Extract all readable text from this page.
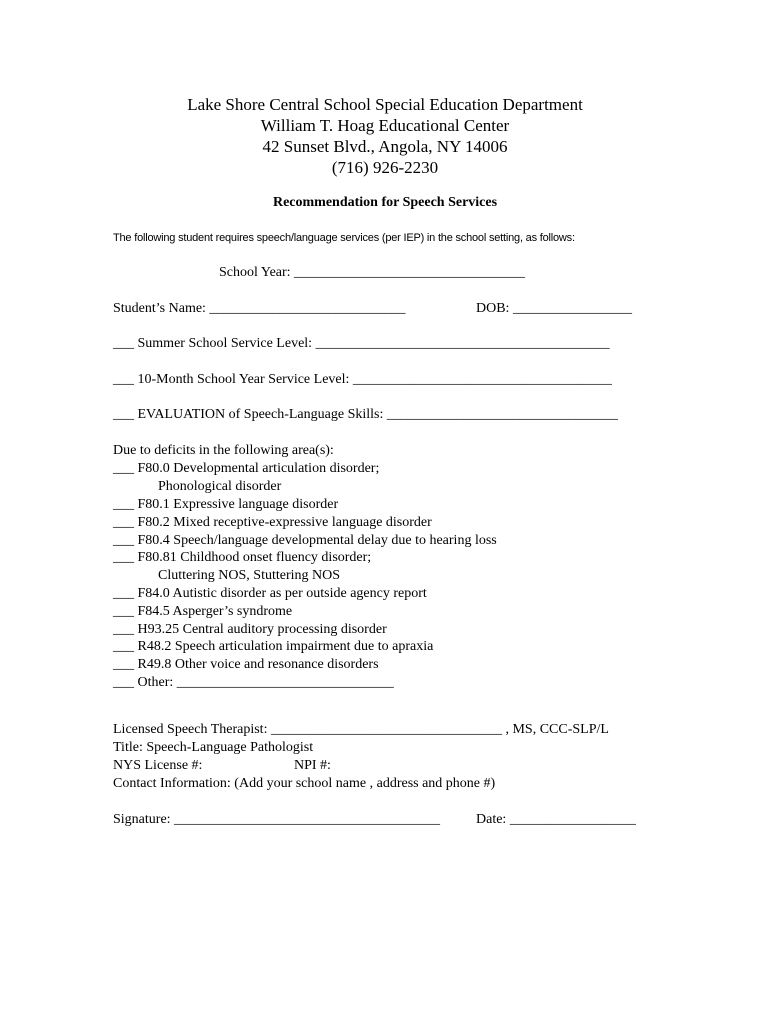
Lake Shore Central School Special Education Department
William T. Hoag Educational Center
42 Sunset Blvd., Angola, NY 14006
(716) 926-2230
Recommendation for Speech Services
The following student requires speech/language services (per IEP) in the school setting, as follows:
School Year: _________________________________
Student’s Name: ____________________________	DOB: _________________
___ Summer School Service Level: __________________________________________
___ 10-Month School Year Service Level: _____________________________________
___ EVALUATION of Speech-Language Skills: _________________________________
Due to deficits in the following area(s):
___ F80.0 Developmental articulation disorder;
Phonological disorder
___ F80.1 Expressive language disorder
___ F80.2 Mixed receptive-expressive language disorder
___ F80.4 Speech/language developmental delay due to hearing loss
___ F80.81 Childhood onset fluency disorder;
Cluttering NOS, Stuttering NOS
___ F84.0 Autistic disorder as per outside agency report
___ F84.5 Asperger’s syndrome
___ H93.25 Central auditory processing disorder
___ R48.2 Speech articulation impairment due to apraxia
___ R49.8 Other voice and resonance disorders
___ Other: _______________________________
Licensed Speech Therapist: _________________________________ , MS, CCC-SLP/L
Title: Speech-Language Pathologist
NYS License #:	NPI #:
Contact Information: (Add your school name , address and phone #)
Signature: ______________________________________	Date: __________________
